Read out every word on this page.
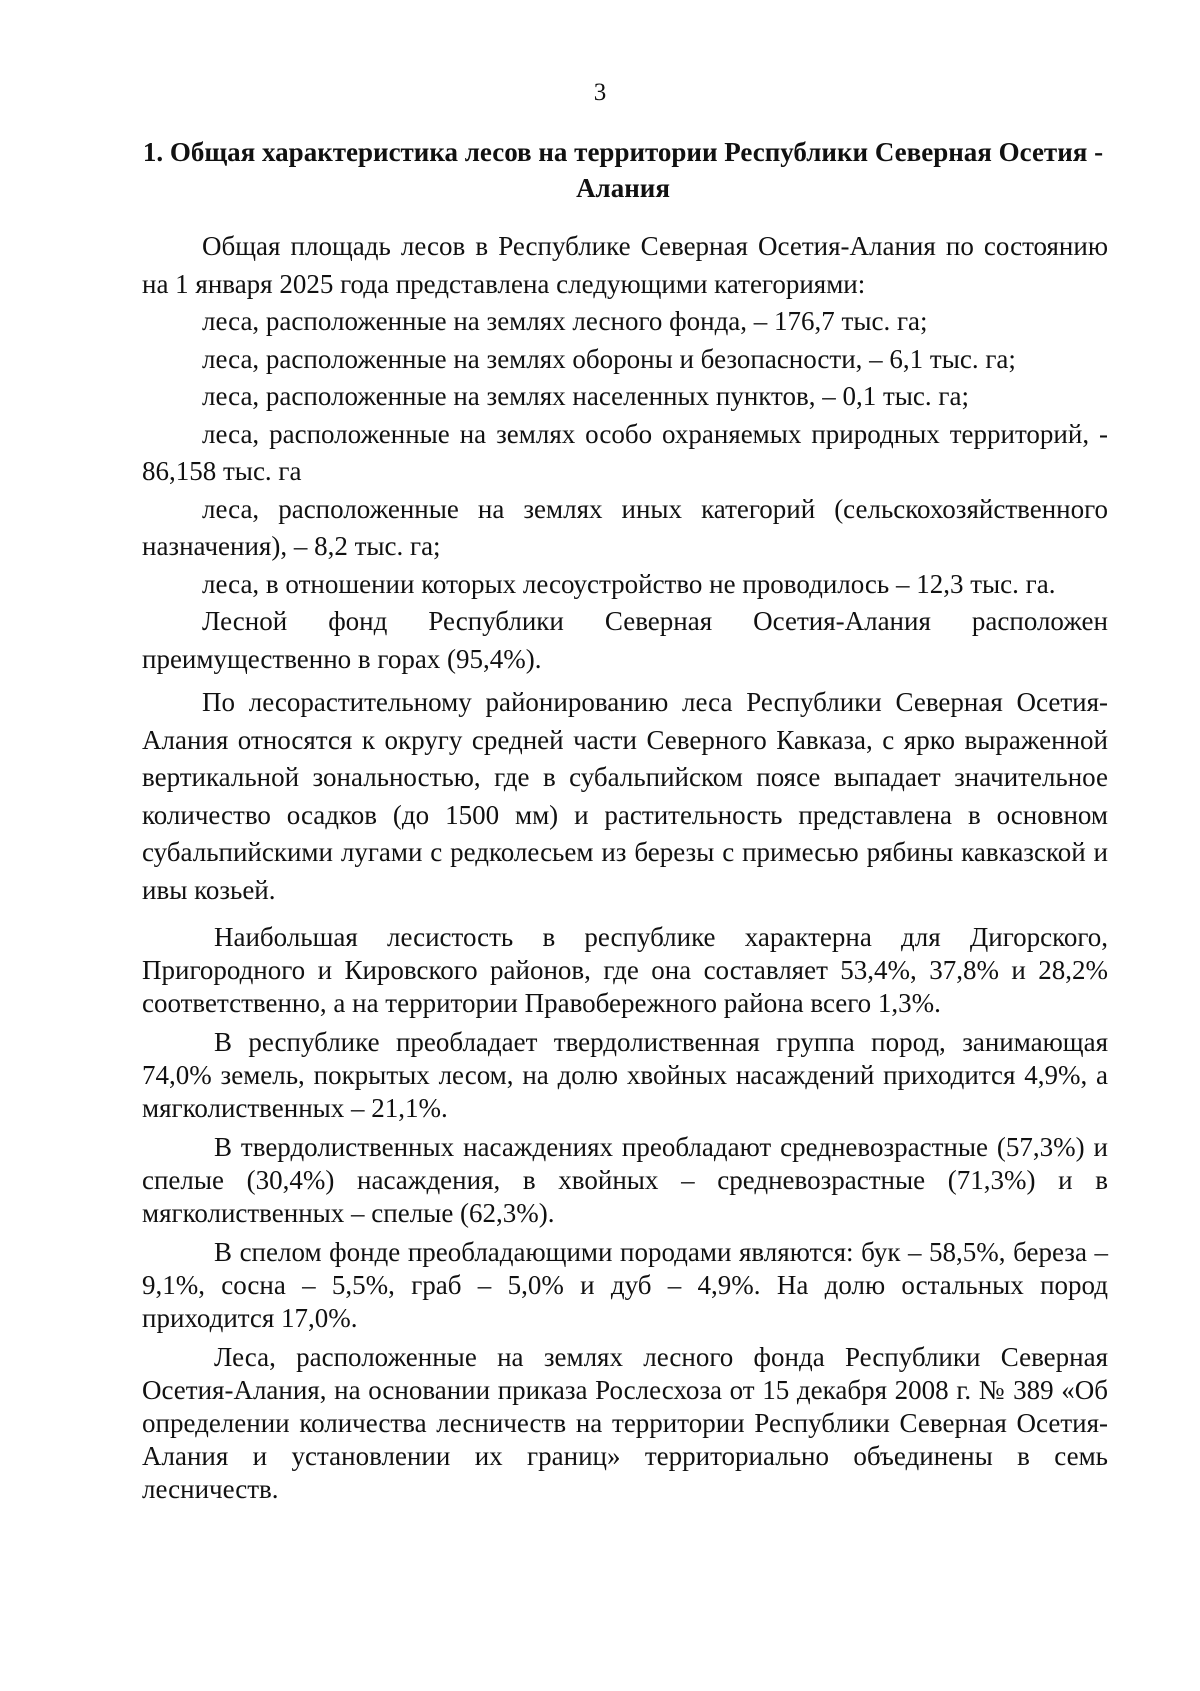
3
1. Общая характеристика лесов на территории Республики Северная Осетия - Алания

Общая площадь лесов в Республике Северная Осетия-Алания по состоянию на 1 января 2025 года представлена следующими категориями:

леса, расположенные на землях лесного фонда, – 176,7 тыс. га;

леса, расположенные на землях обороны и безопасности, – 6,1 тыс. га;

леса, расположенные на землях населенных пунктов, – 0,1 тыс. га;

леса, расположенные на землях особо охраняемых природных территорий, - 86,158 тыс. га

леса, расположенные на землях иных категорий (сельскохозяйственного назначения), – 8,2 тыс. га;

леса, в отношении которых лесоустройство не проводилось – 12,3 тыс. га.

Лесной фонд Республики Северная Осетия-Алания расположен преимущественно в горах (95,4%).

По лесорастительному районированию леса Республики Северная Осетия-Алания относятся к округу средней части Северного Кавказа, с ярко выраженной вертикальной зональностью, где в субальпийском поясе выпадает значительное количество осадков (до 1500 мм) и растительность представлена в основном субальпийскими лугами с редколесьем из березы с примесью рябины кавказской и ивы козьей.

Наибольшая лесистость в республике характерна для Дигорского, Пригородного и Кировского районов, где она составляет 53,4%, 37,8% и 28,2% соответственно, а на территории Правобережного района всего 1,3%.

В республике преобладает твердолиственная группа пород, занимающая 74,0% земель, покрытых лесом, на долю хвойных насаждений приходится 4,9%, а мягколиственных – 21,1%.

В твердолиственных насаждениях преобладают средневозрастные (57,3%) и спелые (30,4%) насаждения, в хвойных – средневозрастные (71,3%) и в мягколиственных – спелые (62,3%).

В спелом фонде преобладающими породами являются: бук – 58,5%, береза – 9,1%, сосна – 5,5%, граб – 5,0% и дуб – 4,9%. На долю остальных пород приходится 17,0%.

Леса, расположенные на землях лесного фонда Республики Северная Осетия-Алания, на основании приказа Рослесхоза от 15 декабря 2008 г. № 389 «Об определении количества лесничеств на территории Республики Северная Осетия-Алания и установлении их границ» территориально объединены в семь лесничеств.
